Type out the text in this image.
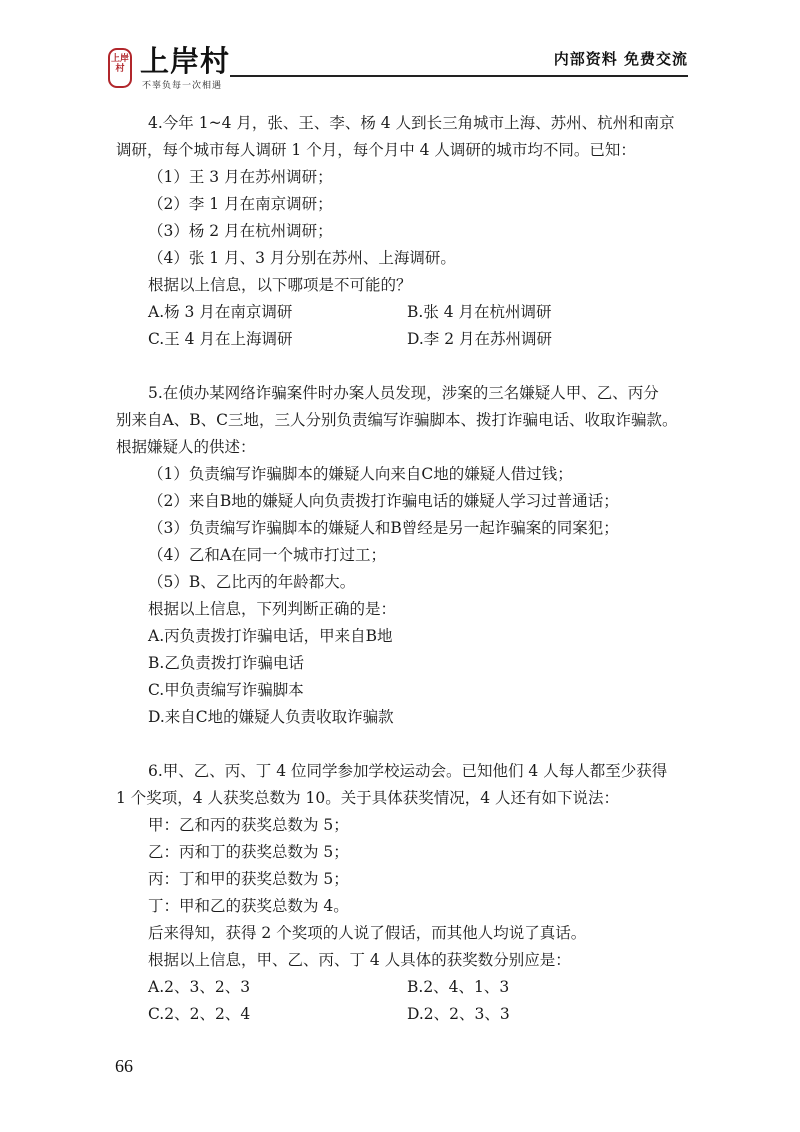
上岸村 上岸村
不辜负每一次相遇
内部资料 免费交流
4.今年 1~4 月，张、王、李、杨 4 人到长三角城市上海、苏州、杭州和南京
调研，每个城市每人调研 1 个月，每个月中 4 人调研的城市均不同。已知：
（1）王 3 月在苏州调研；
（2）李 1 月在南京调研；
（3）杨 2 月在杭州调研；
（4）张 1 月、3 月分别在苏州、上海调研。
根据以上信息，以下哪项是不可能的？
A.杨 3 月在南京调研	B.张 4 月在杭州调研
C.王 4 月在上海调研	D.李 2 月在苏州调研
5.在侦办某网络诈骗案件时办案人员发现，涉案的三名嫌疑人甲、乙、丙分
别来自A、B、C三地，三人分别负责编写诈骗脚本、拨打诈骗电话、收取诈骗款。
根据嫌疑人的供述：
（1）负责编写诈骗脚本的嫌疑人向来自C地的嫌疑人借过钱；
（2）来自B地的嫌疑人向负责拨打诈骗电话的嫌疑人学习过普通话；
（3）负责编写诈骗脚本的嫌疑人和B曾经是另一起诈骗案的同案犯；
（4）乙和A在同一个城市打过工；
（5）B、乙比丙的年龄都大。
根据以上信息，下列判断正确的是：
A.丙负责拨打诈骗电话，甲来自B地
B.乙负责拨打诈骗电话
C.甲负责编写诈骗脚本
D.来自C地的嫌疑人负责收取诈骗款
6.甲、乙、丙、丁 4 位同学参加学校运动会。已知他们 4 人每人都至少获得
1 个奖项，4 人获奖总数为 10。关于具体获奖情况，4 人还有如下说法：
甲：乙和丙的获奖总数为 5；
乙：丙和丁的获奖总数为 5；
丙：丁和甲的获奖总数为 5；
丁：甲和乙的获奖总数为 4。
后来得知，获得 2 个奖项的人说了假话，而其他人均说了真话。
根据以上信息，甲、乙、丙、丁 4 人具体的获奖数分别应是：
A.2、3、2、3	B.2、4、1、3
C.2、2、2、4	D.2、2、3、3
66
